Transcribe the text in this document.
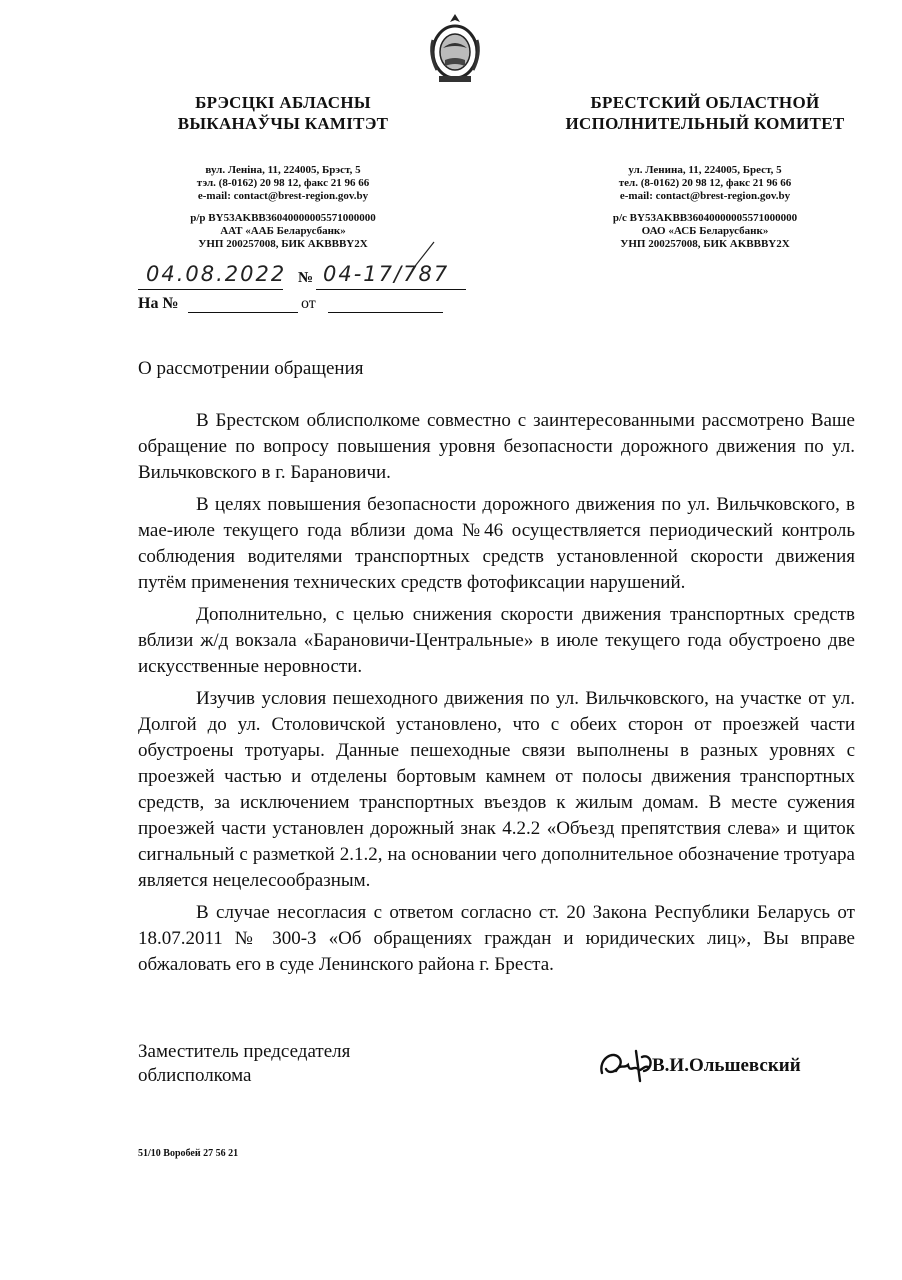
БРЭСЦКІ АБЛАСНЫ
ВЫКАНАЎЧЫ КАМІТЭТ
БРЕСТСКИЙ ОБЛАСТНОЙ
ИСПОЛНИТЕЛЬНЫЙ КОМИТЕТ
вул. Леніна, 11, 224005, Брэст, 5
тэл. (8-0162) 20 98 12, факс 21 96 66
e-mail: contact@brest-region.gov.by
ул. Ленина, 11, 224005, Брест, 5
тел. (8-0162) 20 98 12, факс 21 96 66
e-mail: contact@brest-region.gov.by
р/р BY53AKBB36040000005571000000
ААТ «ААБ Беларусбанк»
УНП 200257008, БИК AKBBBY2X
р/с BY53AKBB36040000005571000000
ОАО «АСБ Беларусбанк»
УНП 200257008, БИК AKBBBY2X
04.08.2022 № 04-17/787
На №	от
О рассмотрении обращения

В Брестском облисполкоме совместно с заинтересованными рассмотрено Ваше обращение по вопросу повышения уровня безопасности дорожного движения по ул. Вильчковского в г. Барановичи.

В целях повышения безопасности дорожного движения по ул. Вильчковского, в мае-июле текущего года вблизи дома №46 осуществляется периодический контроль соблюдения водителями транспортных средств установленной скорости движения путём применения технических средств фотофиксации нарушений.

Дополнительно, с целью снижения скорости движения транспортных средств вблизи ж/д вокзала «Барановичи-Центральные» в июле текущего года обустроено две искусственные неровности.

Изучив условия пешеходного движения по ул. Вильчковского, на участке от ул. Долгой до ул. Столовичской установлено, что с обеих сторон от проезжей части обустроены тротуары. Данные пешеходные связи выполнены в разных уровнях с проезжей частью и отделены бортовым камнем от полосы движения транспортных средств, за исключением транспортных въездов к жилым домам. В месте сужения проезжей части установлен дорожный знак 4.2.2 «Объезд препятствия слева» и щиток сигнальный с разметкой 2.1.2, на основании чего дополнительное обозначение тротуара является нецелесообразным.

В случае несогласия с ответом согласно ст. 20 Закона Республики Беларусь от 18.07.2011 № 300-З «Об обращениях граждан и юридических лиц», Вы вправе обжаловать его в суде Ленинского района г. Бреста.

Заместитель председателя
облисполкома	В.И.Ольшевский
51/10 Воробей 27 56 21
